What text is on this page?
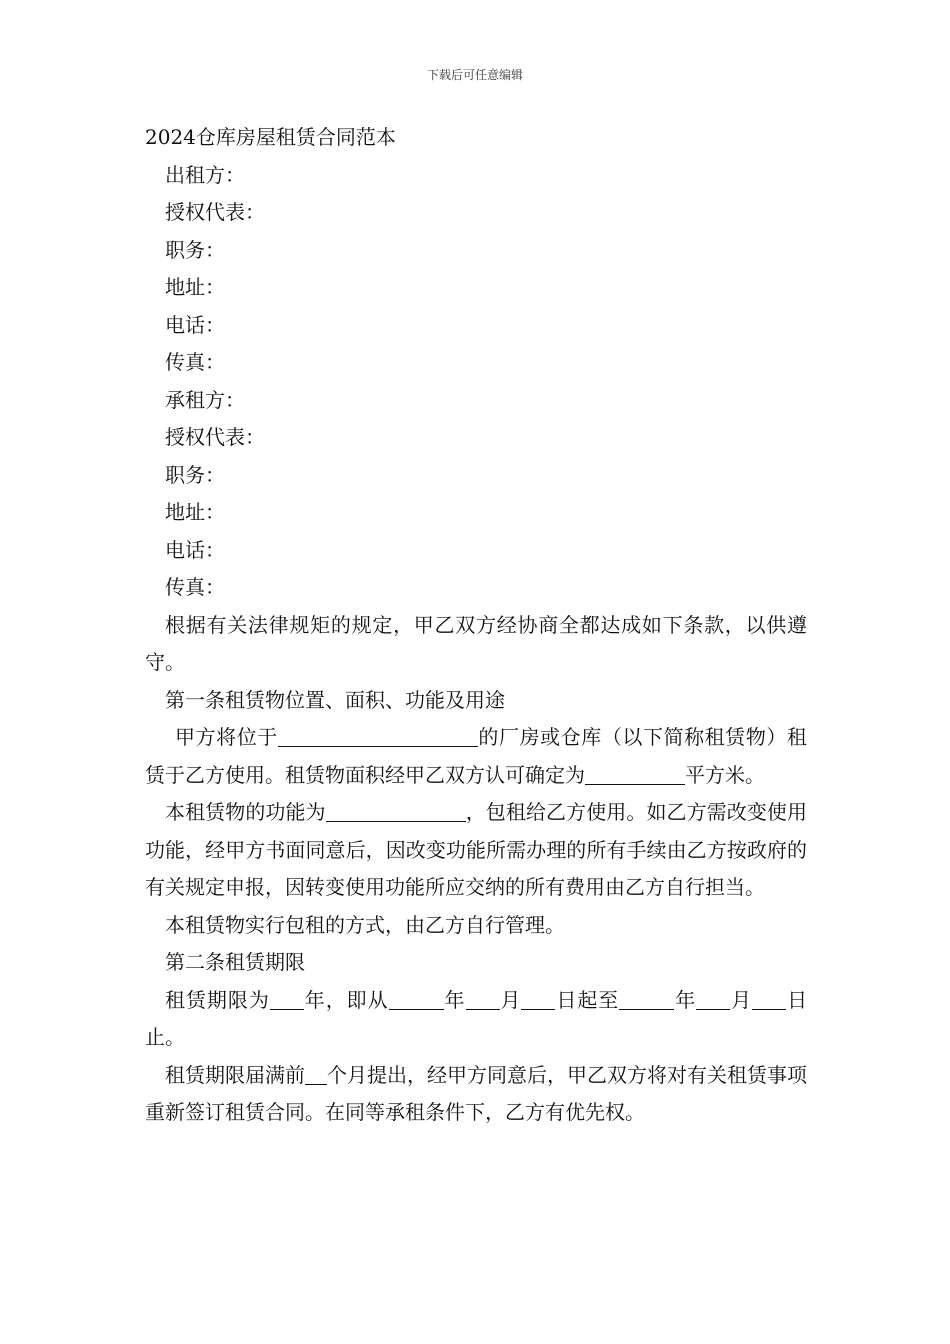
下载后可任意编辑
2024仓库房屋租赁合同范本
出租方：
授权代表：
职务：
地址：
电话：
传真：
承租方：
授权代表：
职务：
地址：
电话：
传真：
根据有关法律规矩的规定，甲乙双方经协商全都达成如下条款，以供遵守。
第一条租赁物位置、面积、功能及用途
甲方将位于	的厂房或仓库（以下简称租赁物）租赁于乙方使用。租赁物面积经甲乙双方认可确定为	平方米。
本租赁物的功能为	，包租给乙方使用。如乙方需改变使用功能，经甲方书面同意后，因改变功能所需办理的所有手续由乙方按政府的有关规定申报，因转变使用功能所应交纳的所有费用由乙方自行担当。
本租赁物实行包租的方式，由乙方自行管理。
第二条租赁期限
租赁期限为 年，即从	年 月 日起至	年 月 日止。
租赁期限届满前 个月提出，经甲方同意后，甲乙双方将对有关租赁事项重新签订租赁合同。在同等承租条件下，乙方有优先权。
